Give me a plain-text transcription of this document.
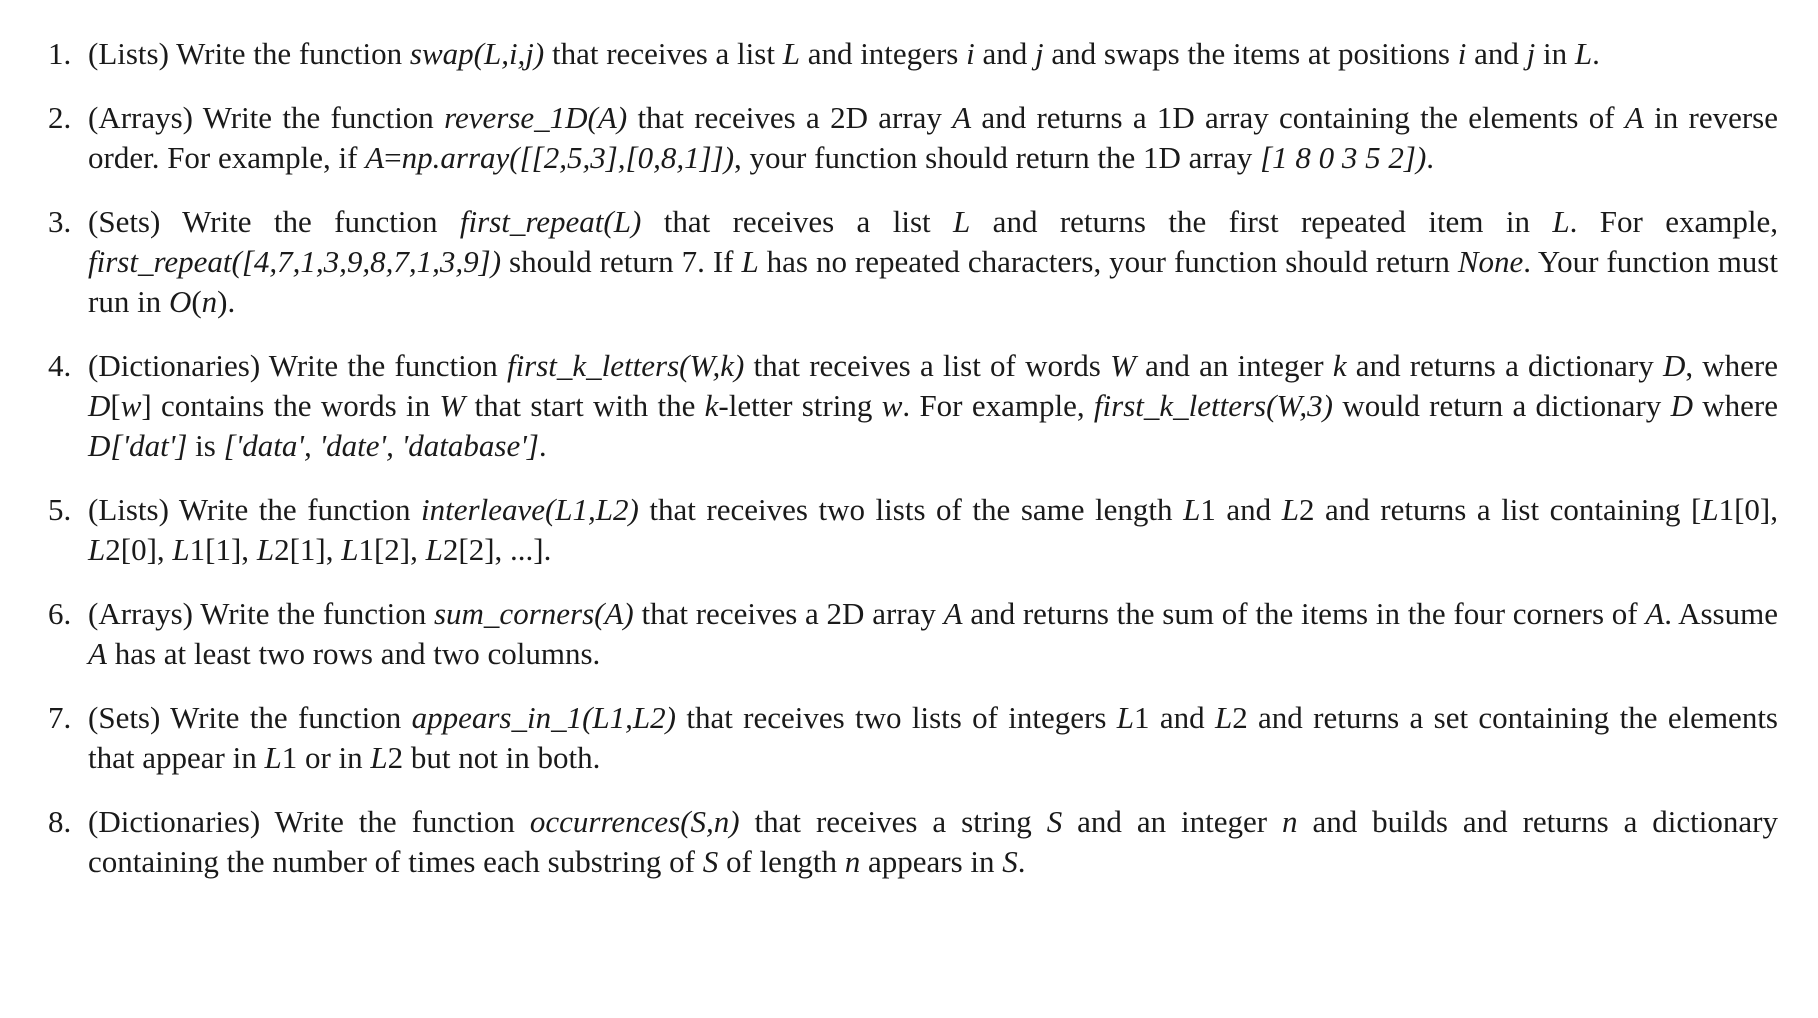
1. (Lists) Write the function swap(L,i,j) that receives a list L and integers i and j and swaps the items at positions i and j in L.
2. (Arrays) Write the function reverse_1D(A) that receives a 2D array A and returns a 1D array containing the elements of A in reverse order. For example, if A=np.array([[2,5,3],[0,8,1]]), your function should return the 1D array [1 8 0 3 5 2]).
3. (Sets) Write the function first_repeat(L) that receives a list L and returns the first repeated item in L. For example, first_repeat([4,7,1,3,9,8,7,1,3,9]) should return 7. If L has no repeated characters, your function should return None. Your function must run in O(n).
4. (Dictionaries) Write the function first_k_letters(W,k) that receives a list of words W and an integer k and returns a dictionary D, where D[w] contains the words in W that start with the k-letter string w. For example, first_k_letters(W,3) would return a dictionary D where D['dat'] is ['data', 'date', 'database'].
5. (Lists) Write the function interleave(L1,L2) that receives two lists of the same length L1 and L2 and returns a list containing [L1[0], L2[0], L1[1], L2[1], L1[2], L2[2], ...].
6. (Arrays) Write the function sum_corners(A) that receives a 2D array A and returns the sum of the items in the four corners of A. Assume A has at least two rows and two columns.
7. (Sets) Write the function appears_in_1(L1,L2) that receives two lists of integers L1 and L2 and returns a set containing the elements that appear in L1 or in L2 but not in both.
8. (Dictionaries) Write the function occurrences(S,n) that receives a string S and an integer n and builds and returns a dictionary containing the number of times each substring of S of length n appears in S.
